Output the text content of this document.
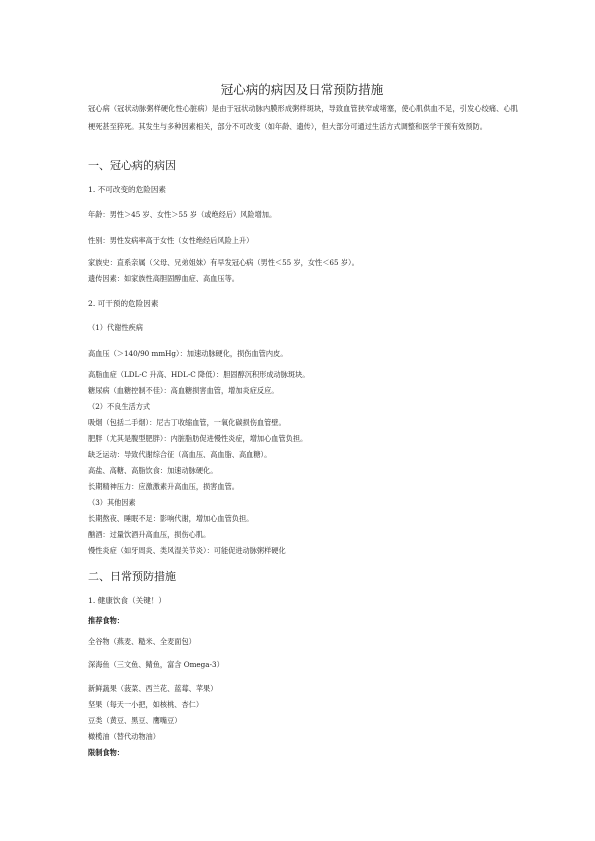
冠心病的病因及日常预防措施
冠心病（冠状动脉粥样硬化性心脏病）是由于冠状动脉内膜形成粥样斑块，导致血管狭窄或堵塞，使心肌供血不足，引发心绞痛、心肌梗死甚至猝死。其发生与多种因素相关，部分不可改变（如年龄、遗传），但大部分可通过生活方式调整和医学干预有效预防。
一、冠心病的病因
1. 不可改变的危险因素
年龄：男性＞45 岁、女性＞55 岁（或绝经后）风险增加。
性别：男性发病率高于女性（女性绝经后风险上升）
家族史：直系亲属（父母、兄弟姐妹）有早发冠心病（男性＜55 岁，女性＜65 岁）。
遗传因素：如家族性高胆固醇血症、高血压等。
2. 可干预的危险因素
（1）代谢性疾病
高血压（＞140/90 mmHg）：加速动脉硬化，损伤血管内皮。
高脂血症（LDL-C 升高、HDL-C 降低）：胆固醇沉积形成动脉斑块。
糖尿病（血糖控制不佳）：高血糖损害血管，增加炎症反应。
（2）不良生活方式
吸烟（包括二手烟）：尼古丁收缩血管，一氧化碳损伤血管壁。
肥胖（尤其是腹型肥胖）：内脏脂肪促进慢性炎症，增加心血管负担。
缺乏运动：导致代谢综合征（高血压、高血脂、高血糖）。
高盐、高糖、高脂饮食：加速动脉硬化。
长期精神压力：应激激素升高血压，损害血管。
（3）其他因素
长期熬夜、睡眠不足：影响代谢，增加心血管负担。
酗酒：过量饮酒升高血压，损伤心肌。
慢性炎症（如牙周炎、类风湿关节炎）：可能促进动脉粥样硬化
二、日常预防措施
1. 健康饮食（关键！）
推荐食物：
全谷物（燕麦、糙米、全麦面包）
深海鱼（三文鱼、鲭鱼，富含 Omega-3）
新鲜蔬果（菠菜、西兰花、蓝莓、苹果）
坚果（每天一小把，如核桃、杏仁）
豆类（黄豆、黑豆、鹰嘴豆）
橄榄油（替代动物油）
限制食物：
